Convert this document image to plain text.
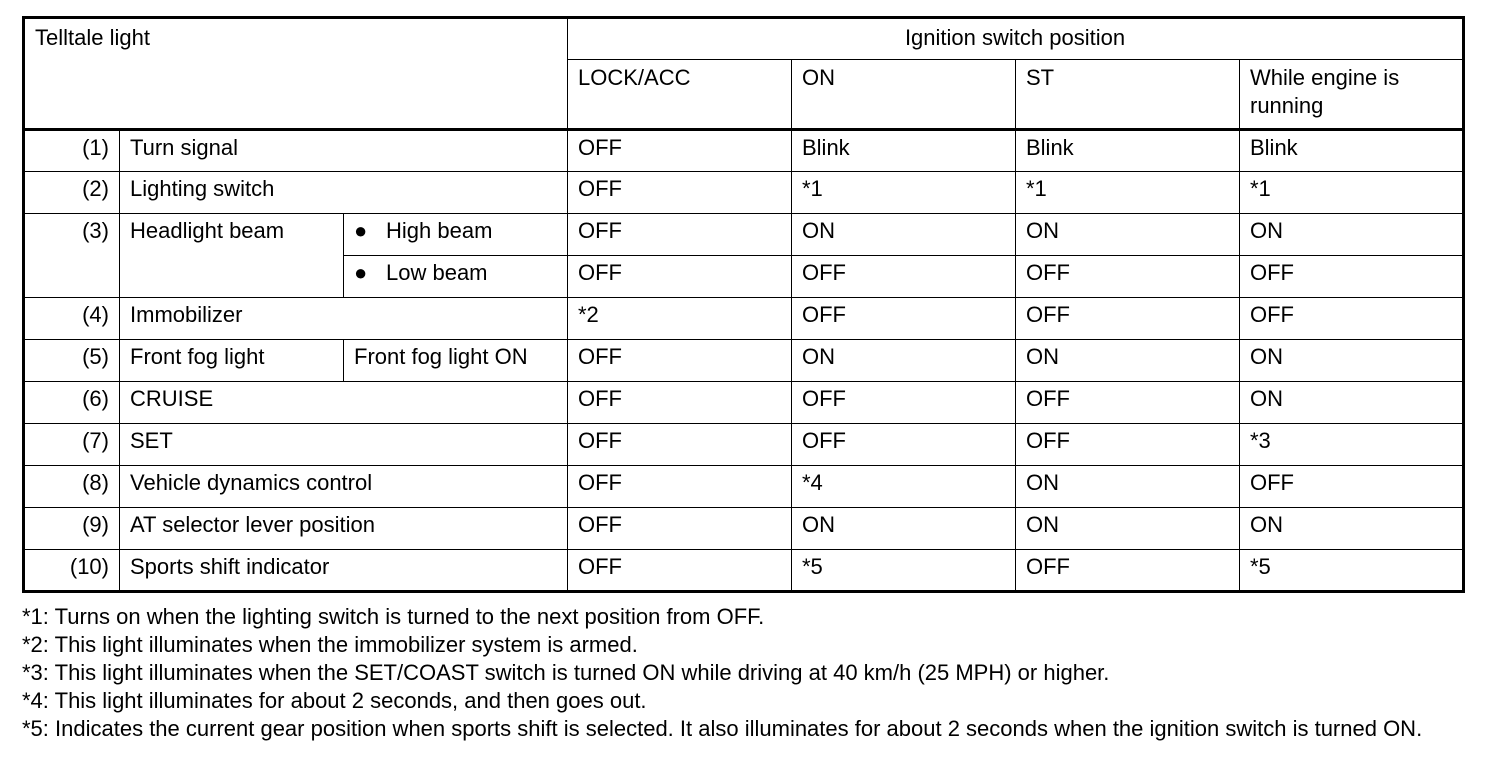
Telltale light			Ignition switch position			
			LOCK/ACC	ON	ST	While engine is running
(1)	Turn signal		OFF	Blink	Blink	Blink
(2)	Lighting switch		OFF	*1	*1	*1
(3)	Headlight beam	● High beam	OFF	ON	ON	ON
		● Low beam	OFF	OFF	OFF	OFF
(4)	Immobilizer		*2	OFF	OFF	OFF
(5)	Front fog light	Front fog light ON	OFF	ON	ON	ON
(6)	CRUISE		OFF	OFF	OFF	ON
(7)	SET		OFF	OFF	OFF	*3
(8)	Vehicle dynamics control		OFF	*4	ON	OFF
(9)	AT selector lever position		OFF	ON	ON	ON
(10)	Sports shift indicator		OFF	*5	OFF	*5
*1: Turns on when the lighting switch is turned to the next position from OFF.
*2: This light illuminates when the immobilizer system is armed.
*3: This light illuminates when the SET/COAST switch is turned ON while driving at 40 km/h (25 MPH) or higher.
*4: This light illuminates for about 2 seconds, and then goes out.
*5: Indicates the current gear position when sports shift is selected. It also illuminates for about 2 seconds when the ignition switch is turned ON.
